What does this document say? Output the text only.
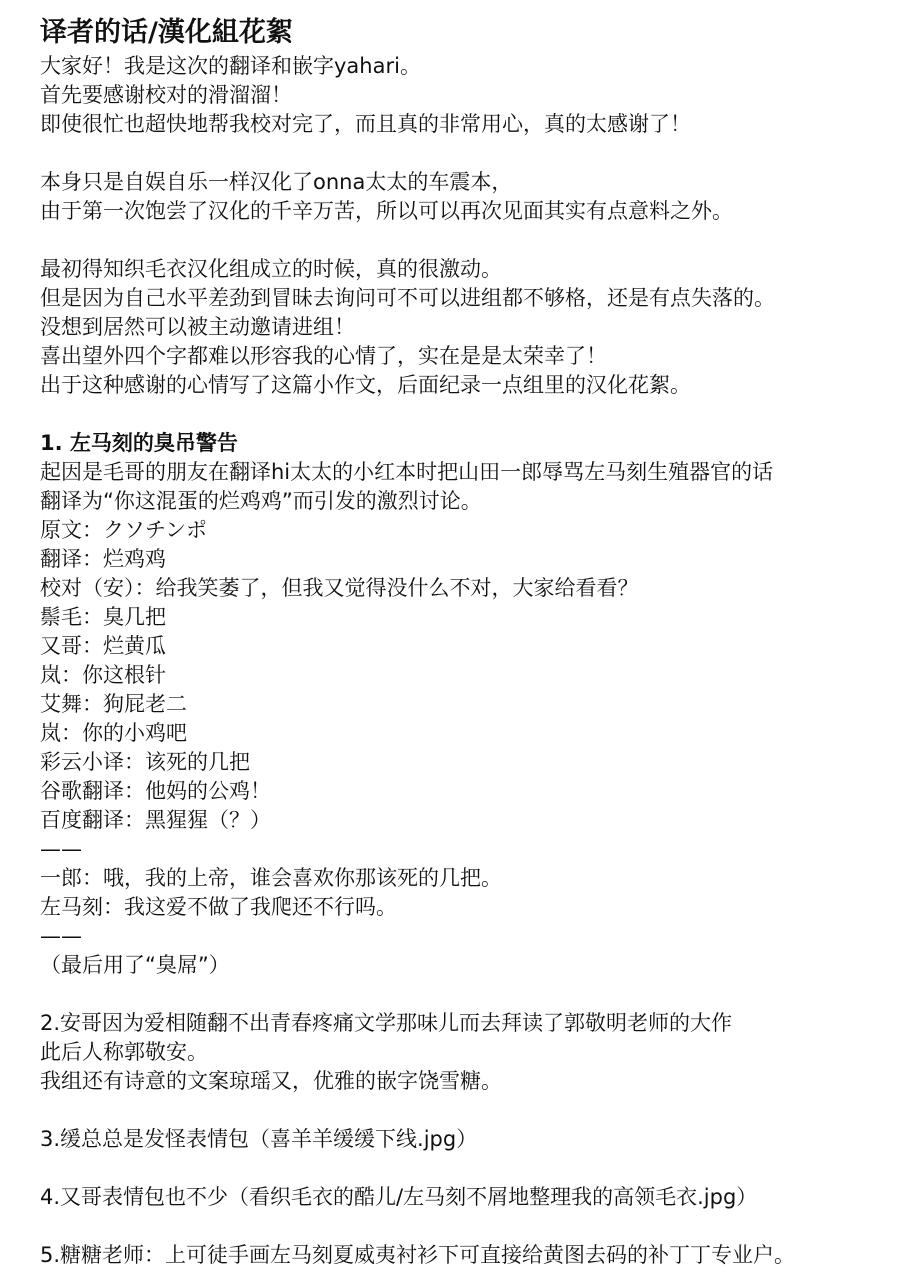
译者的话/漢化組花絮
大家好！我是这次的翻译和嵌字yahari。
首先要感谢校对的滑溜溜！
即使很忙也超快地帮我校对完了，而且真的非常用心，真的太感谢了！
本身只是自娱自乐一样汉化了onna太太的车震本，
由于第一次饱尝了汉化的千辛万苦，所以可以再次见面其实有点意料之外。
最初得知织毛衣汉化组成立的时候，真的很激动。
但是因为自己水平差劲到冒昧去询问可不可以进组都不够格，还是有点失落的。
没想到居然可以被主动邀请进组！
喜出望外四个字都难以形容我的心情了，实在是是太荣幸了！
出于这种感谢的心情写了这篇小作文，后面纪录一点组里的汉化花絮。
1. 左马刻的臭吊警告
起因是毛哥的朋友在翻译hi太太的小红本时把山田一郎辱骂左马刻生殖器官的话
翻译为“你这混蛋的烂鸡鸡”而引发的激烈讨论。
原文：クソチンポ
翻译：烂鸡鸡
校对（安）：给我笑萎了，但我又觉得没什么不对，大家给看看？
鬃毛：臭几把
又哥：烂黄瓜
岚：你这根针
艾舞：狗屁老二
岚：你的小鸡吧
彩云小译：该死的几把
谷歌翻译：他妈的公鸡！
百度翻译：黑猩猩（？）
——
一郎：哦，我的上帝，谁会喜欢你那该死的几把。
左马刻：我这爱不做了我爬还不行吗。
——
（最后用了“臭屌”）
2.安哥因为爱相随翻不出青春疼痛文学那味儿而去拜读了郭敬明老师的大作
此后人称郭敬安。
我组还有诗意的文案琼瑶又，优雅的嵌字饶雪糖。
3.缓总总是发怪表情包（喜羊羊缓缓下线.jpg）
4.又哥表情包也不少（看织毛衣的酷儿/左马刻不屑地整理我的高领毛衣.jpg）
5.糖糖老师：上可徒手画左马刻夏威夷衬衫下可直接给黄图去码的补丁丁专业户。
